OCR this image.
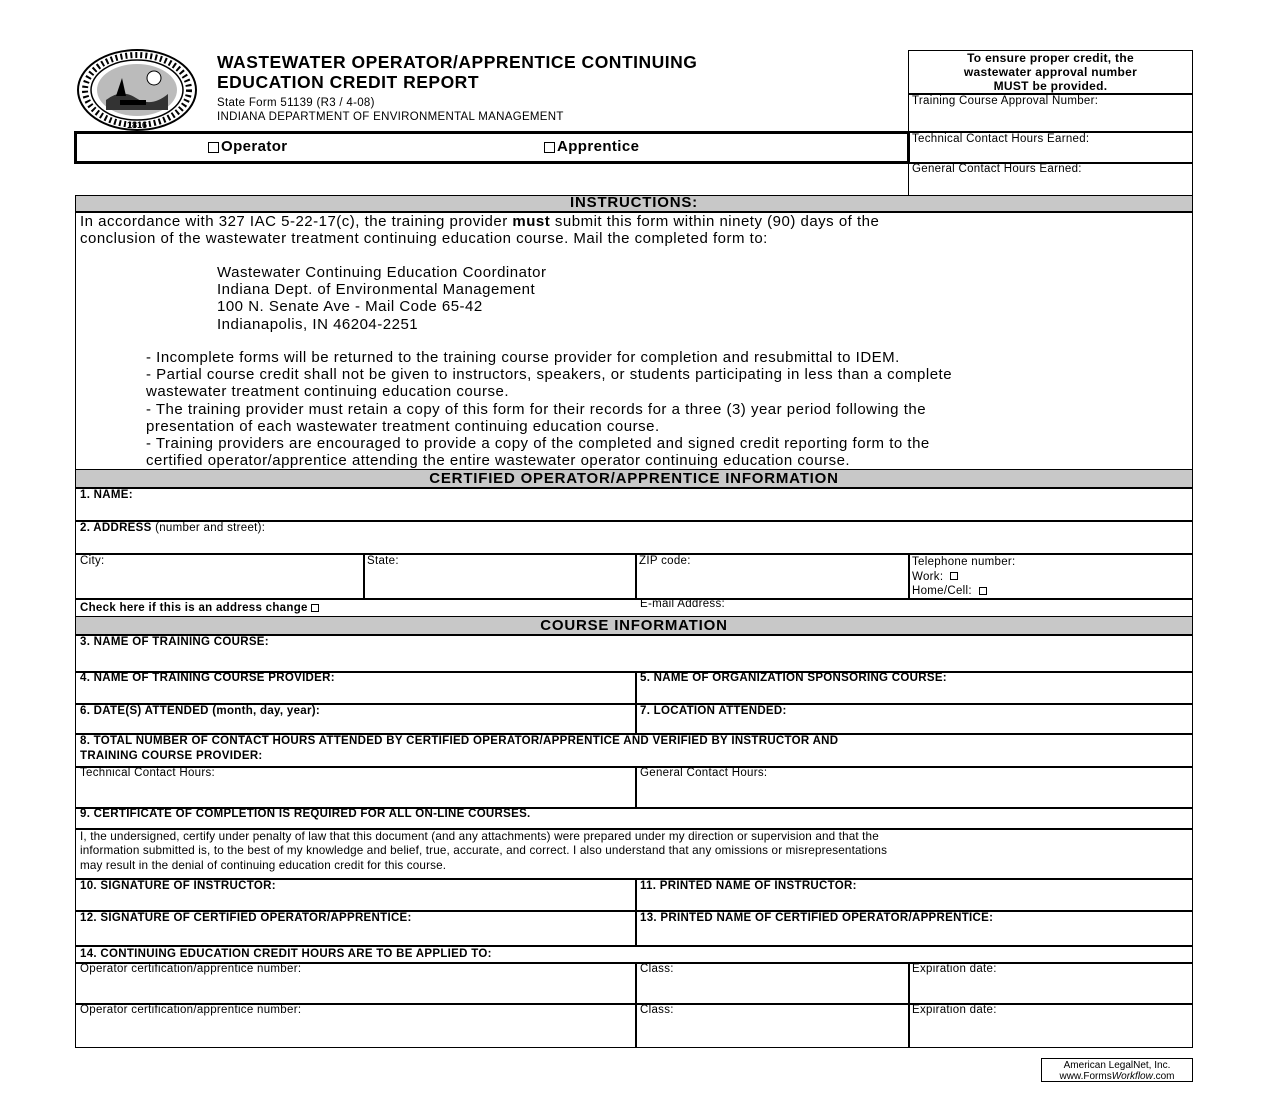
1816
WASTEWATER OPERATOR/APPRENTICE CONTINUING
EDUCATION CREDIT REPORT
State Form 51139 (R3 / 4-08)
INDIANA DEPARTMENT OF ENVIRONMENTAL MANAGEMENT
Operator	Apprentice
To ensure proper credit, the
wastewater approval number
MUST be provided.
Training Course Approval Number:
Technical Contact Hours Earned:
General Contact Hours Earned:
INSTRUCTIONS:
In accordance with 327 IAC 5-22-17(c), the training provider must submit this form within ninety (90) days of the
conclusion of the wastewater treatment continuing education course. Mail the completed form to:
Wastewater Continuing Education Coordinator
Indiana Dept. of Environmental Management
100 N. Senate Ave - Mail Code 65-42
Indianapolis, IN 46204-2251
- Incomplete forms will be returned to the training course provider for completion and resubmittal to IDEM.
- Partial course credit shall not be given to instructors, speakers, or students participating in less than a complete
wastewater treatment continuing education course.
- The training provider must retain a copy of this form for their records for a three (3) year period following the
presentation of each wastewater treatment continuing education course.
- Training providers are encouraged to provide a copy of the completed and signed credit reporting form to the
certified operator/apprentice attending the entire wastewater operator continuing education course.
CERTIFIED OPERATOR/APPRENTICE INFORMATION
1. NAME:
2. ADDRESS (number and street):
City:	State:	ZIP code:	Telephone number:
Work:
Home/Cell:
Check here if this is an address change	E-mail Address:
COURSE INFORMATION
3. NAME OF TRAINING COURSE:
4. NAME OF TRAINING COURSE PROVIDER:	5. NAME OF ORGANIZATION SPONSORING COURSE:
6. DATE(S) ATTENDED (month, day, year):	7. LOCATION ATTENDED:
8. TOTAL NUMBER OF CONTACT HOURS ATTENDED BY CERTIFIED OPERATOR/APPRENTICE AND VERIFIED BY INSTRUCTOR AND
TRAINING COURSE PROVIDER:
Technical Contact Hours:	General Contact Hours:
9. CERTIFICATE OF COMPLETION IS REQUIRED FOR ALL ON-LINE COURSES.
I, the undersigned, certify under penalty of law that this document (and any attachments) were prepared under my direction or supervision and that the
information submitted is, to the best of my knowledge and belief, true, accurate, and correct. I also understand that any omissions or misrepresentations
may result in the denial of continuing education credit for this course.
10. SIGNATURE OF INSTRUCTOR:	11. PRINTED NAME OF INSTRUCTOR:
12. SIGNATURE OF CERTIFIED OPERATOR/APPRENTICE:	13. PRINTED NAME OF CERTIFIED OPERATOR/APPRENTICE:
14. CONTINUING EDUCATION CREDIT HOURS ARE TO BE APPLIED TO:
Operator certification/apprentice number:	Class:	Expiration date:
Operator certification/apprentice number:	Class:	Expiration date:
American LegalNet, Inc.
www.FormsWorkflow.com
